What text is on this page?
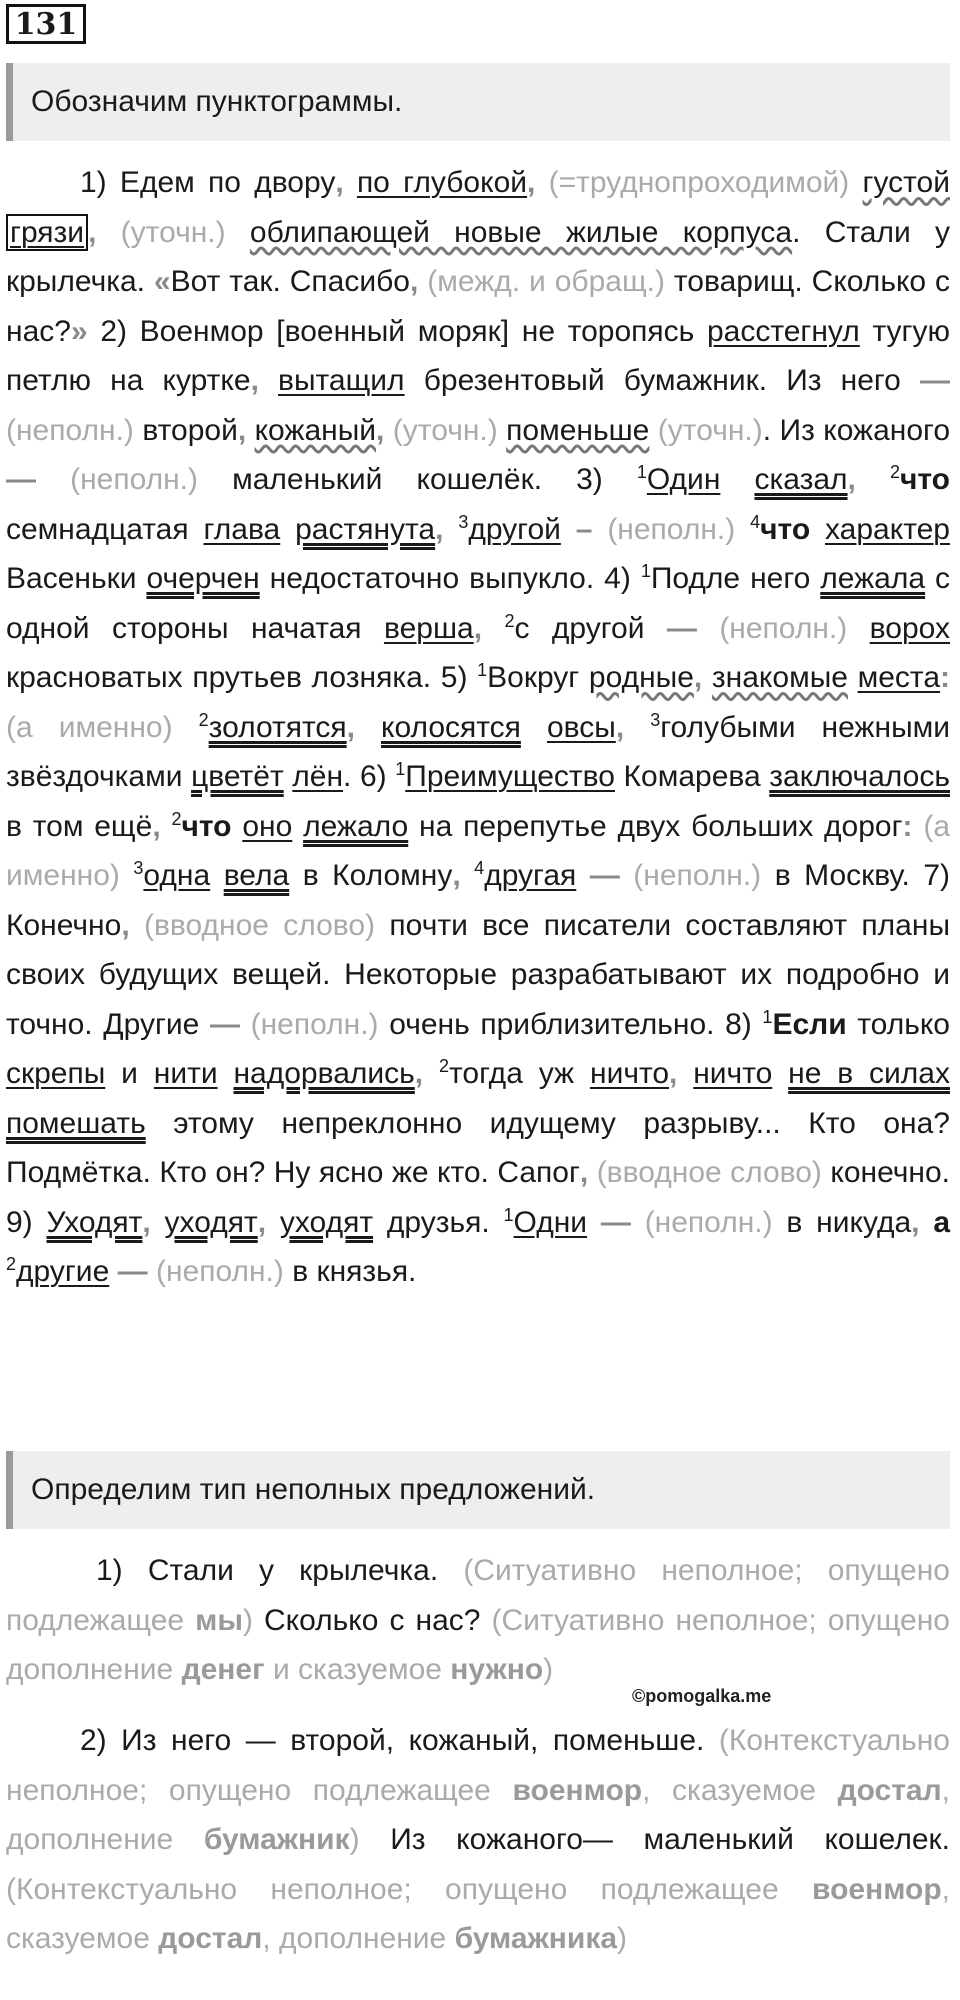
131
Обозначим пунктограммы.
1) Едем по двору, по глубокой, (=труднопроходимой) густой грязи , (уточн.) облипающей новые жилые корпуса. Стали у крылечка. «Вот так. Спасибо, (межд. и обращ.) товарищ. Сколько с нас?» 2) Военмор [военный моряк] не торопясь расстегнул тугую петлю на куртке, вытащил брезентовый бумажник. Из него — (неполн.) второй, кожаный, (уточн.) поменьше (уточн.). Из кожаного — (неполн.) маленький кошелёк. 3) $^1$Один сказал, $^2$что семнадцатая глава растянута, $^3$другой – (неполн.) $^4$что характер Васеньки очерчен недостаточно выпукло. 4) $^1$Подле него лежала с одной стороны начатая верша, $^2$с другой — (неполн.) ворох красноватых прутьев лозняка. 5) $^1$Вокруг родные, знакомые места: (а именно) $^2$золотятся, колосятся овсы, $^3$голубыми нежными звёздочками цветёт лён. 6) $^1$Преимущество Комарева заключалось в том ещё, $^2$что оно лежало на перепутье двух больших дорог: (а именно) $^3$одна вела в Коломну, $^4$другая — (неполн.) в Москву. 7) Конечно, (вводное слово) почти все писатели составляют планы своих будущих вещей. Некоторые разрабатывают их подробно и точно. Другие — (неполн.) очень приблизительно. 8) $^1$Если только скрепы и нити надорвались, $^2$тогда уж ничто, ничто не в силах помешать этому непреклонно идущему разрыву... Кто она? Подмётка. Кто он? Ну ясно же кто. Сапог, (вводное слово) конечно. 9) Уходят, уходят, уходят друзья. $^1$Одни — (неполн.) в никуда, а $^2$другие — (неполн.) в князья.
Определим тип неполных предложений.
1) Стали у крылечка. (Ситуативно неполное; опущено подлежащее мы) Сколько с нас? (Ситуативно неполное; опущено дополнение денег и сказуемое нужно)
©pomogalka.me
2) Из него — второй, кожаный, поменьше. (Контекстуально неполное; опущено подлежащее военмор, сказуемое достал, дополнение бумажник) Из кожаного— маленький кошелек. (Контекстуально неполное; опущено подлежащее военмор, сказуемое достал, дополнение бумажника)
